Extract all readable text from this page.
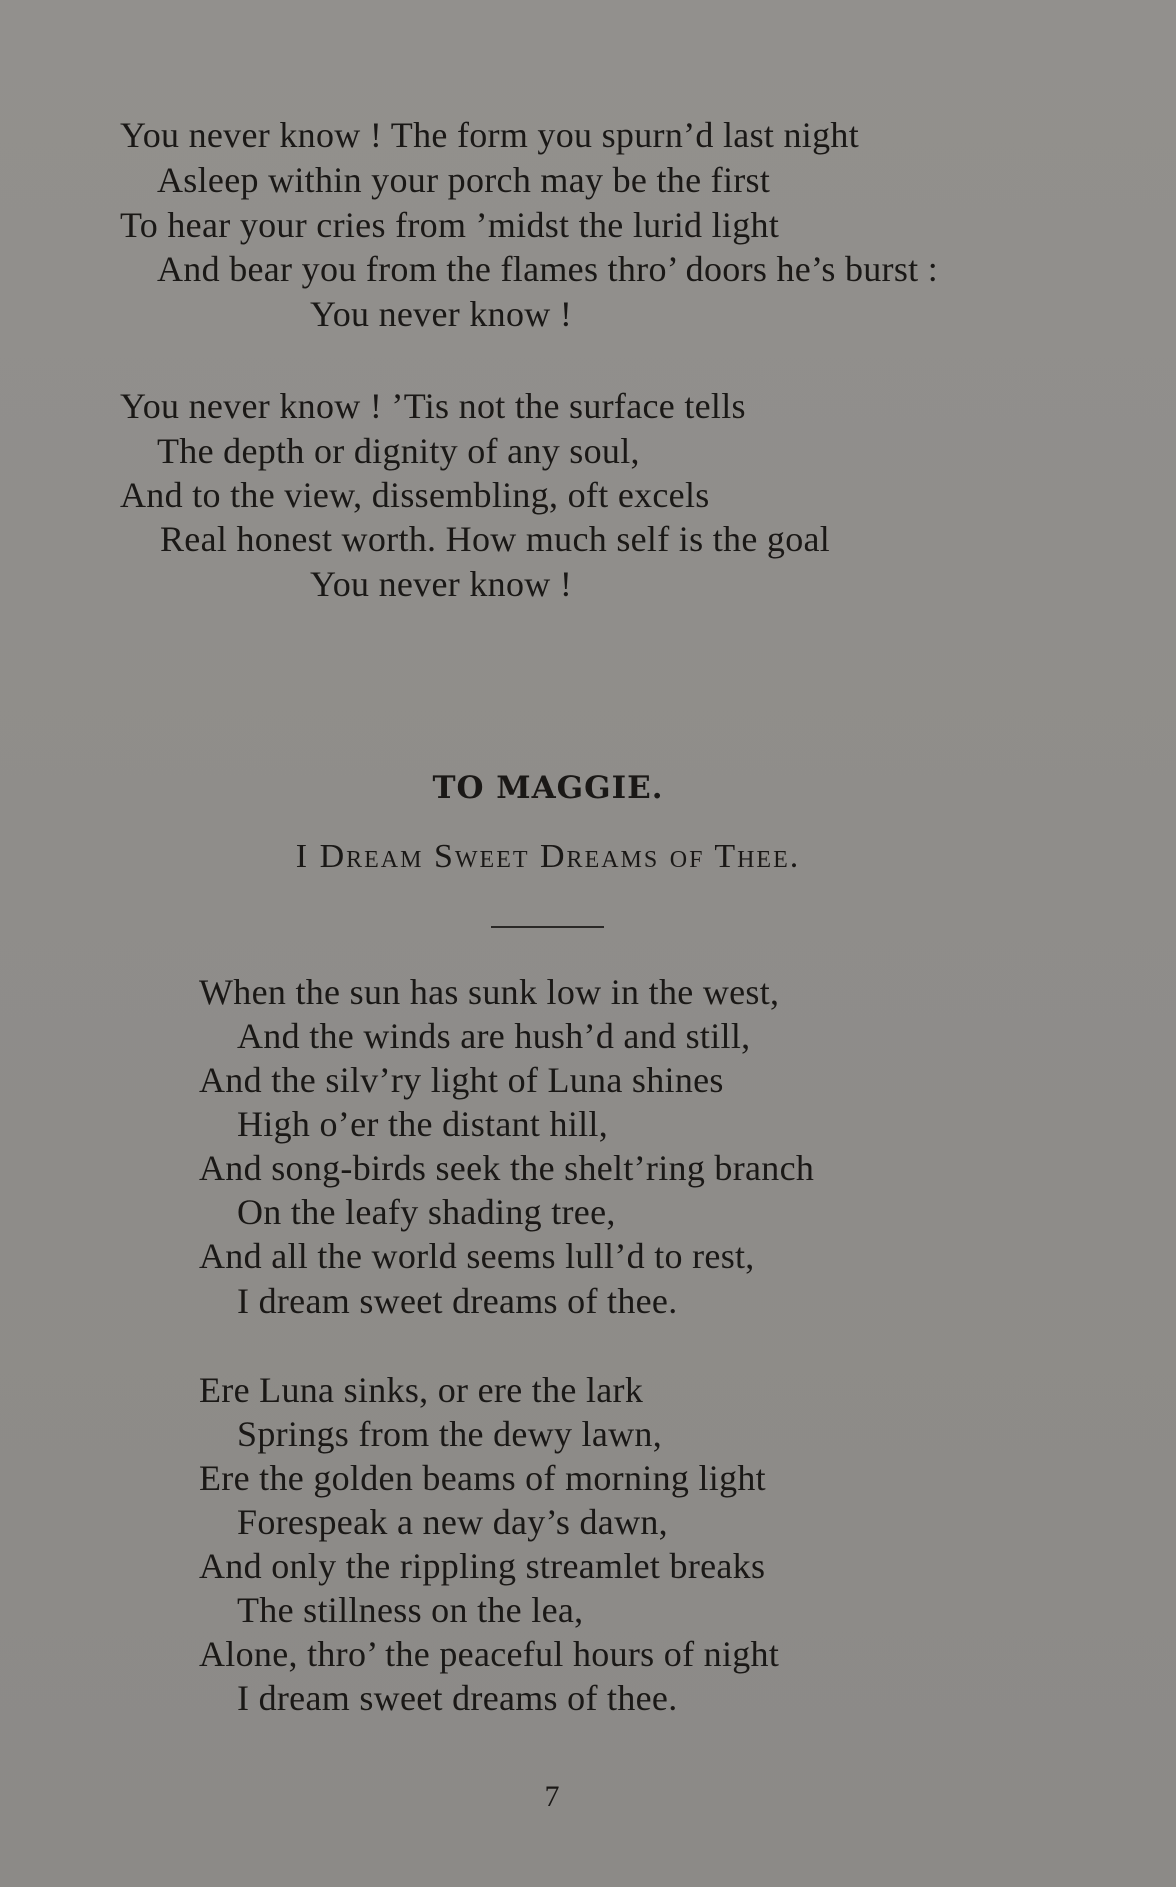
You never know ! The form you spurn’d last night
Asleep within your porch may be the first
To hear your cries from ’midst the lurid light
And bear you from the flames thro’ doors he’s burst :
You never know !
You never know ! ’Tis not the surface tells
The depth or dignity of any soul,
And to the view, dissembling, oft excels
Real honest worth. How much self is the goal
You never know !
TO MAGGIE.
I Dream Sweet Dreams of Thee.
When the sun has sunk low in the west,
And the winds are hush’d and still,
And the silv’ry light of Luna shines
High o’er the distant hill,
And song-birds seek the shelt’ring branch
On the leafy shading tree,
And all the world seems lull’d to rest,
I dream sweet dreams of thee.
Ere Luna sinks, or ere the lark
Springs from the dewy lawn,
Ere the golden beams of morning light
Forespeak a new day’s dawn,
And only the rippling streamlet breaks
The stillness on the lea,
Alone, thro’ the peaceful hours of night
I dream sweet dreams of thee.
7
